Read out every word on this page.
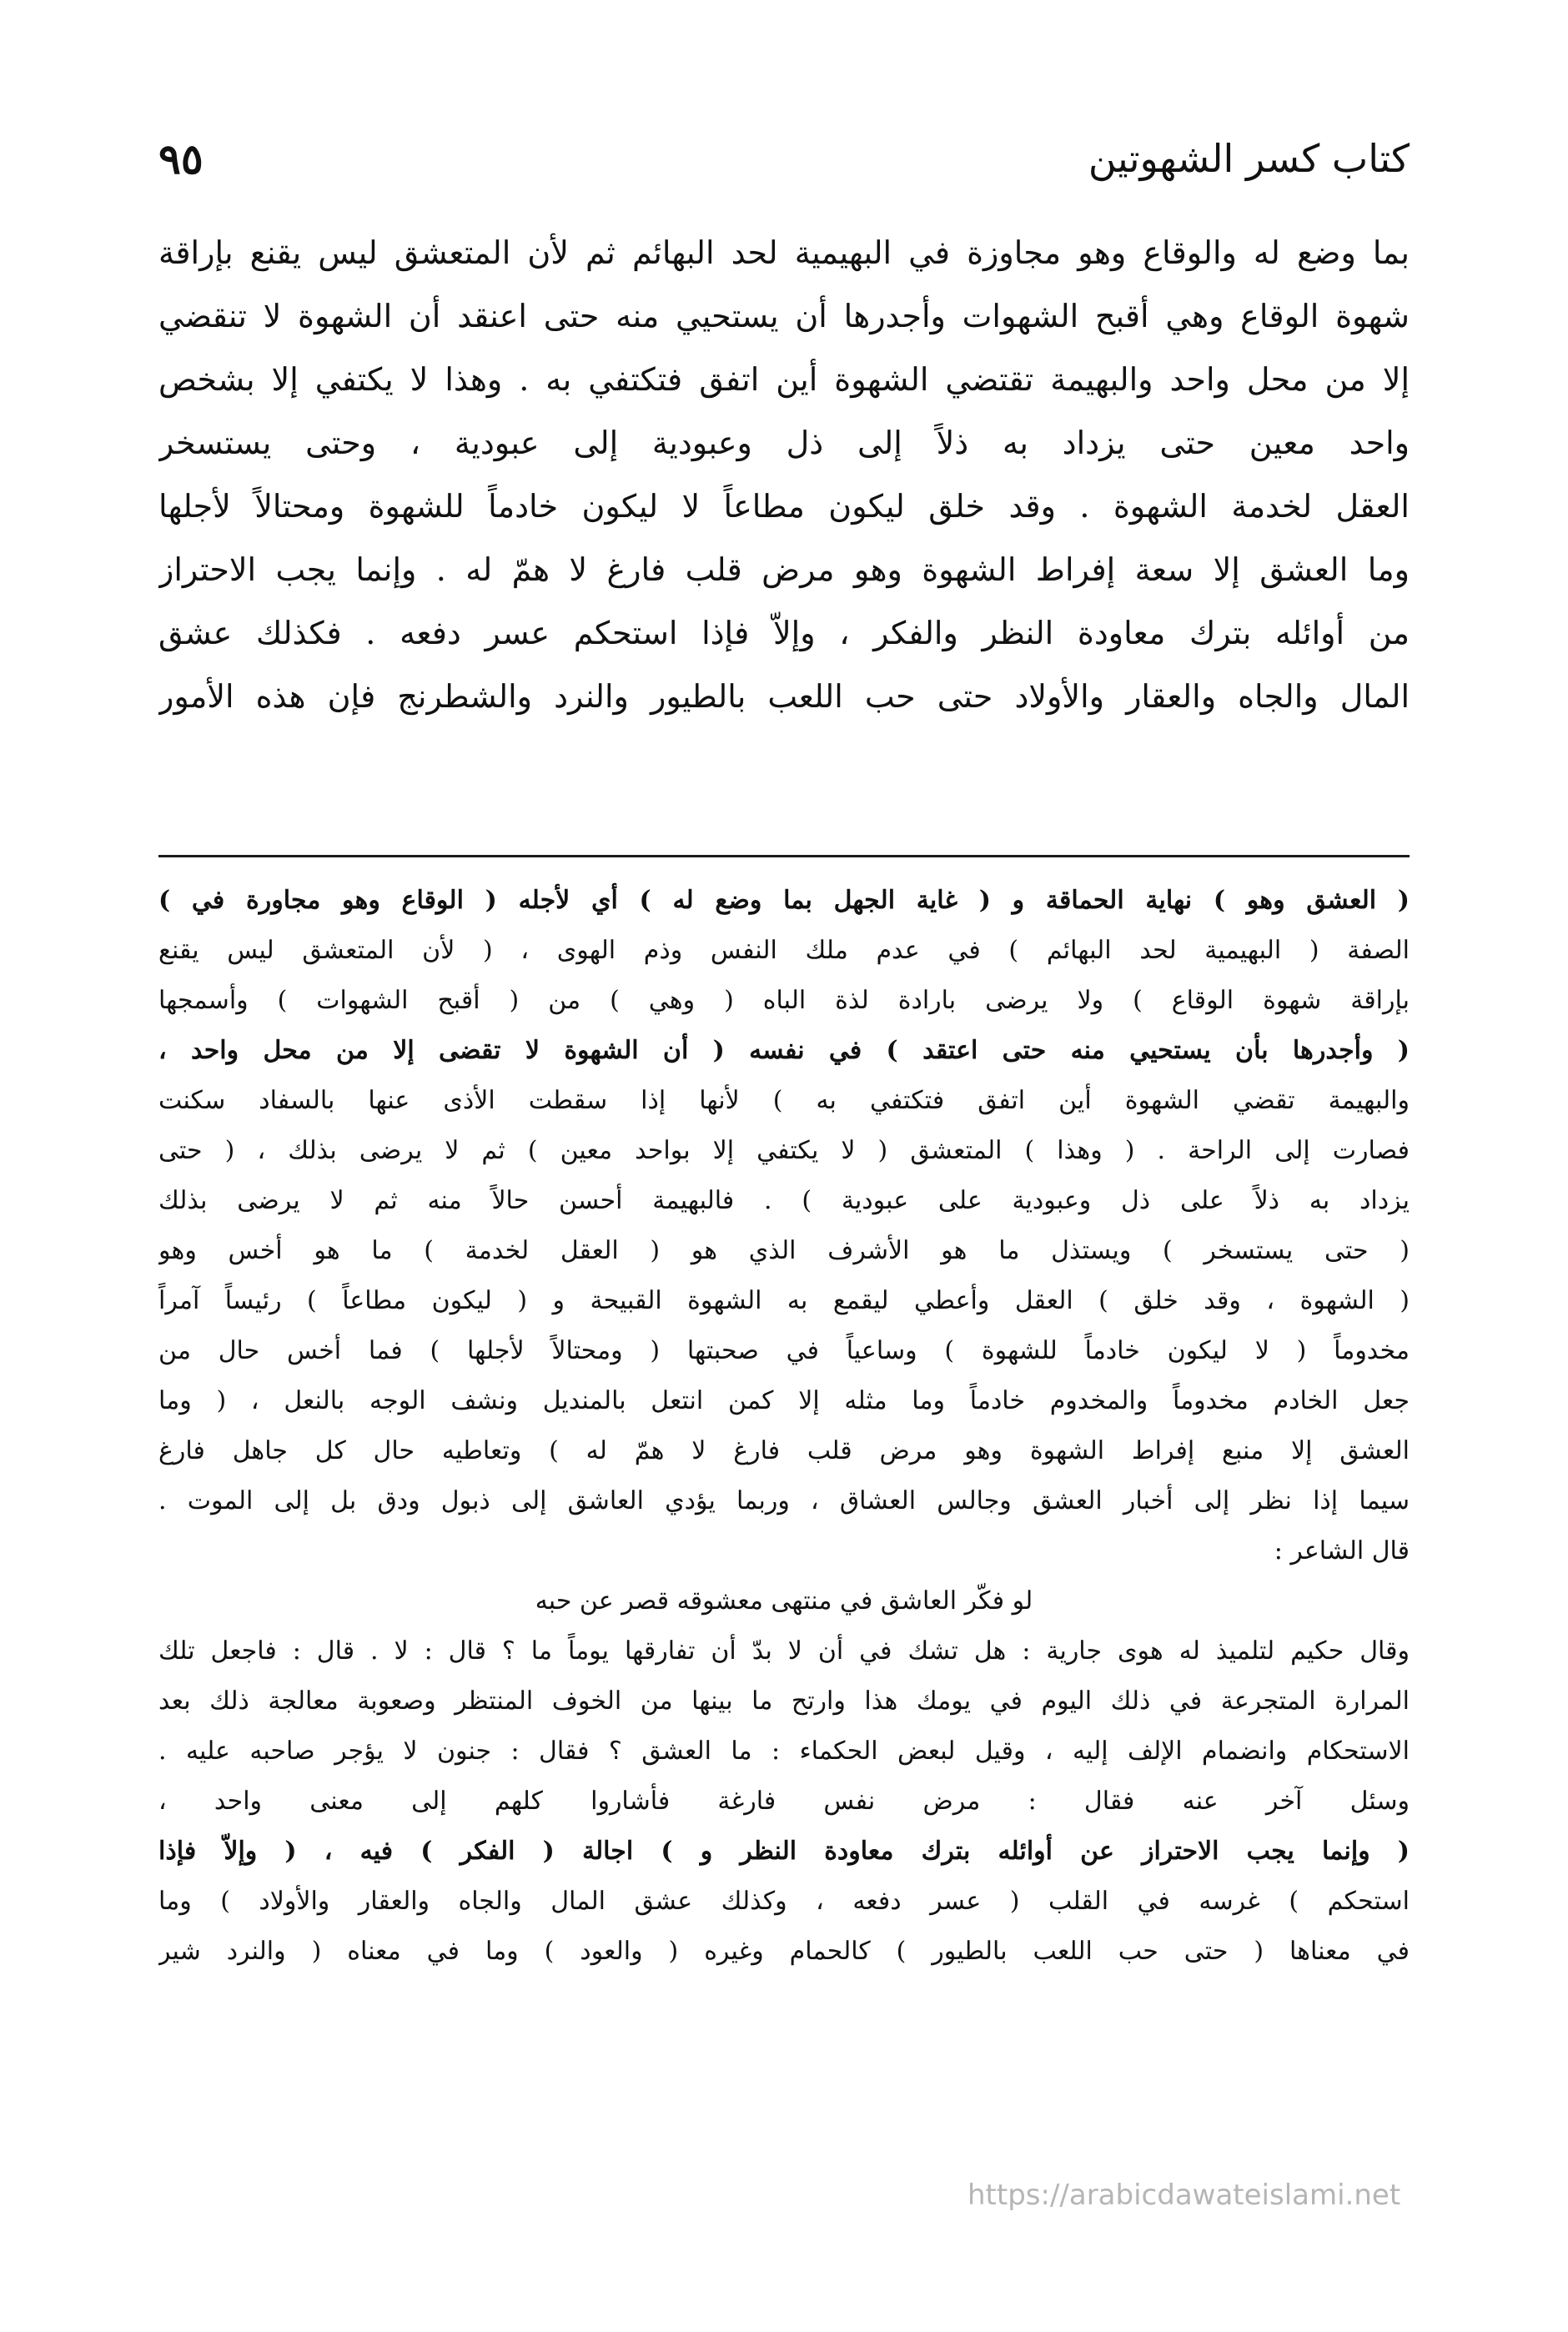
كتاب كسر الشهوتين
٩٥
بما وضع له والوقاع وهو مجاوزة في البهيمية لحد البهائم ثم لأن المتعشق ليس يقنع بإراقة
شهوة الوقاع وهي أقبح الشهوات وأجدرها أن يستحيي منه حتى اعنقد أن الشهوة لا تنقضي
إلا من محل واحد والبهيمة تقتضي الشهوة أين اتفق فتكتفي به . وهذا لا يكتفي إلا بشخص
واحد معين حتى يزداد به ذلاً إلى ذل وعبودية إلى عبودية ، وحتى يستسخر
العقل لخدمة الشهوة . وقد خلق ليكون مطاعاً لا ليكون خادماً للشهوة ومحتالاً لأجلها
وما العشق إلا سعة إفراط الشهوة وهو مرض قلب فارغ لا همّ له . وإنما يجب الاحتراز
من أوائله بترك معاودة النظر والفكر ، وإلاّ فإذا استحكم عسر دفعه . فكذلك عشق
المال والجاه والعقار والأولاد حتى حب اللعب بالطيور والنرد والشطرنج فإن هذه الأمور
( العشق وهو ) نهاية الحماقة و ( غاية الجهل بما وضع له ) أي لأجله ( الوقاع وهو مجاورة في )
الصفة ( البهيمية لحد البهائم ) في عدم ملك النفس وذم الهوى ، ( لأن المتعشق ليس يقنع
بإراقة شهوة الوقاع ) ولا يرضى بارادة لذة الباه ( وهي ) من ( أقبح الشهوات ) وأسمجها
( وأجدرها بأن يستحيي منه حتى اعتقد ) في نفسه ( أن الشهوة لا تقضى إلا من محل واحد ،
والبهيمة تقضي الشهوة أين اتفق فتكتفي به ) لأنها إذا سقطت الأذى عنها بالسفاد سكنت
فصارت إلى الراحة . ( وهذا ) المتعشق ( لا يكتفي إلا بواحد معين ) ثم لا يرضى بذلك ، ( حتى
يزداد به ذلاً على ذل وعبودية على عبودية ) . فالبهيمة أحسن حالاً منه ثم لا يرضى بذلك
( حتى يستسخر ) ويستذل ما هو الأشرف الذي هو ( العقل لخدمة ) ما هو أخس وهو
( الشهوة ، وقد خلق ) العقل وأعطي ليقمع به الشهوة القبيحة و ( ليكون مطاعاً ) رئيساً آمراً
مخدوماً ( لا ليكون خادماً للشهوة ) وساعياً في صحبتها ( ومحتالاً لأجلها ) فما أخس حال من
جعل الخادم مخدوماً والمخدوم خادماً وما مثله إلا كمن انتعل بالمنديل ونشف الوجه بالنعل ، ( وما
العشق إلا منبع إفراط الشهوة وهو مرض قلب فارغ لا همّ له ) وتعاطيه حال كل جاهل فارغ
سيما إذا نظر إلى أخبار العشق وجالس العشاق ، وربما يؤدي العاشق إلى ذبول ودق بل إلى الموت .
قال الشاعر :
لو فكّر العاشق في منتهى معشوقه قصر عن حبه
وقال حكيم لتلميذ له هوى جارية : هل تشك في أن لا بدّ أن تفارقها يوماً ما ؟ قال : لا . قال : فاجعل تلك
المرارة المتجرعة في ذلك اليوم في يومك هذا وارتح ما بينها من الخوف المنتظر وصعوبة معالجة ذلك بعد
الاستحكام وانضمام الإلف إليه ، وقيل لبعض الحكماء : ما العشق ؟ فقال : جنون لا يؤجر صاحبه عليه .
وسئل آخر عنه فقال : مرض نفس فارغة فأشاروا كلهم إلى معنى واحد ،
( وإنما يجب الاحتراز عن أوائله بترك معاودة النظر و ) اجالة ( الفكر ) فيه ، ( وإلاّ فإذا
استحكم ) غرسه في القلب ( عسر دفعه ، وكذلك عشق المال والجاه والعقار والأولاد ) وما
في معناها ( حتى حب اللعب بالطيور ) كالحمام وغيره ( والعود ) وما في معناه ( والنرد شير
https://arabicdawateislami.net
